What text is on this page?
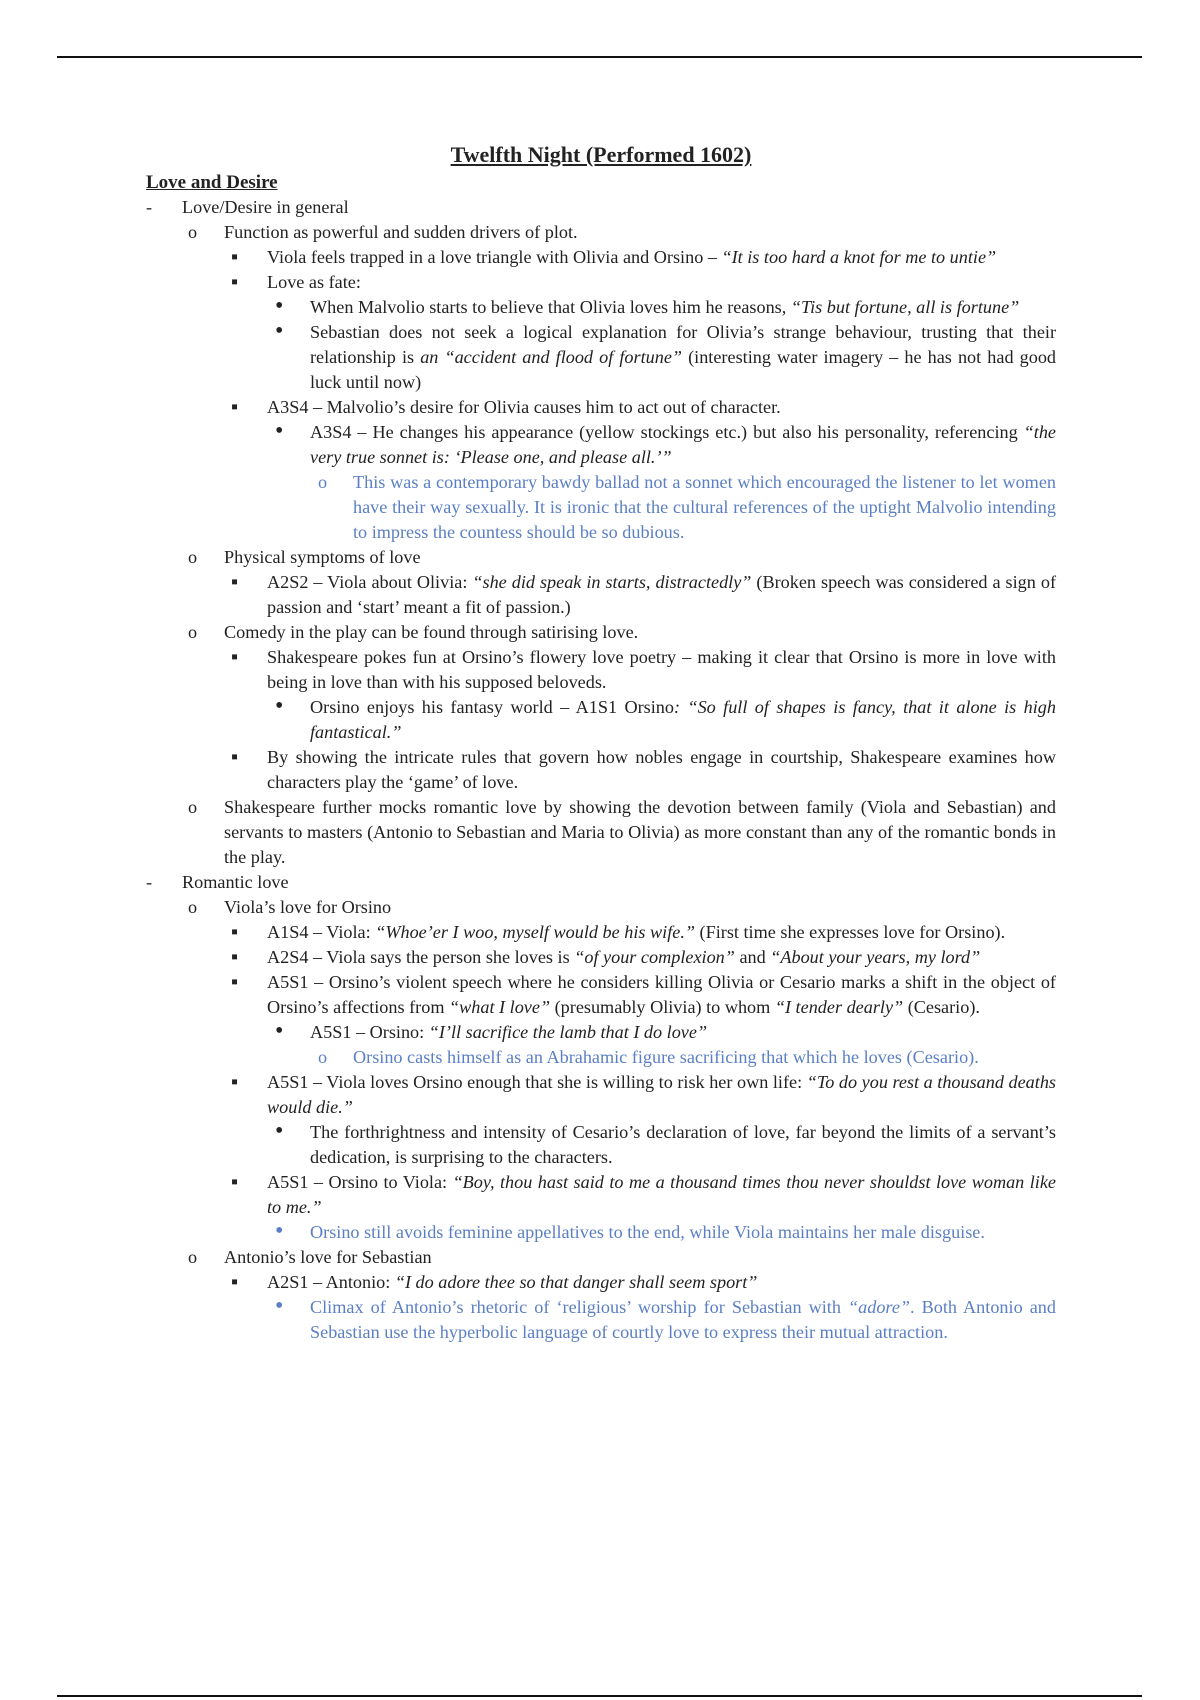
Twelfth Night (Performed 1602)
Love and Desire
- Love/Desire in general
o Function as powerful and sudden drivers of plot.
▪ Viola feels trapped in a love triangle with Olivia and Orsino – “It is too hard a knot for me to untie”
▪ Love as fate:
• When Malvolio starts to believe that Olivia loves him he reasons, “Tis but fortune, all is fortune”
• Sebastian does not seek a logical explanation for Olivia’s strange behaviour, trusting that their relationship is an “accident and flood of fortune” (interesting water imagery – he has not had good luck until now)
▪ A3S4 – Malvolio’s desire for Olivia causes him to act out of character.
• A3S4 – He changes his appearance (yellow stockings etc.) but also his personality, referencing “the very true sonnet is: ‘Please one, and please all.’”
o This was a contemporary bawdy ballad not a sonnet which encouraged the listener to let women have their way sexually. It is ironic that the cultural references of the uptight Malvolio intending to impress the countess should be so dubious.
o Physical symptoms of love
▪ A2S2 – Viola about Olivia: “she did speak in starts, distractedly” (Broken speech was considered a sign of passion and ‘start’ meant a fit of passion.)
o Comedy in the play can be found through satirising love.
▪ Shakespeare pokes fun at Orsino’s flowery love poetry – making it clear that Orsino is more in love with being in love than with his supposed beloveds.
• Orsino enjoys his fantasy world – A1S1 Orsino: “So full of shapes is fancy, that it alone is high fantastical.”
▪ By showing the intricate rules that govern how nobles engage in courtship, Shakespeare examines how characters play the ‘game’ of love.
o Shakespeare further mocks romantic love by showing the devotion between family (Viola and Sebastian) and servants to masters (Antonio to Sebastian and Maria to Olivia) as more constant than any of the romantic bonds in the play.
- Romantic love
o Viola’s love for Orsino
▪ A1S4 – Viola: “Whoe’er I woo, myself would be his wife.” (First time she expresses love for Orsino).
▪ A2S4 – Viola says the person she loves is “of your complexion” and “About your years, my lord”
▪ A5S1 – Orsino’s violent speech where he considers killing Olivia or Cesario marks a shift in the object of Orsino’s affections from “what I love” (presumably Olivia) to whom “I tender dearly” (Cesario).
• A5S1 – Orsino: “I’ll sacrifice the lamb that I do love”
o Orsino casts himself as an Abrahamic figure sacrificing that which he loves (Cesario).
▪ A5S1 – Viola loves Orsino enough that she is willing to risk her own life: “To do you rest a thousand deaths would die.”
• The forthrightness and intensity of Cesario’s declaration of love, far beyond the limits of a servant’s dedication, is surprising to the characters.
▪ A5S1 – Orsino to Viola: “Boy, thou hast said to me a thousand times thou never shouldst love woman like to me.”
• Orsino still avoids feminine appellatives to the end, while Viola maintains her male disguise.
o Antonio’s love for Sebastian
▪ A2S1 – Antonio: “I do adore thee so that danger shall seem sport”
• Climax of Antonio’s rhetoric of ‘religious’ worship for Sebastian with “adore”. Both Antonio and Sebastian use the hyperbolic language of courtly love to express their mutual attraction.
